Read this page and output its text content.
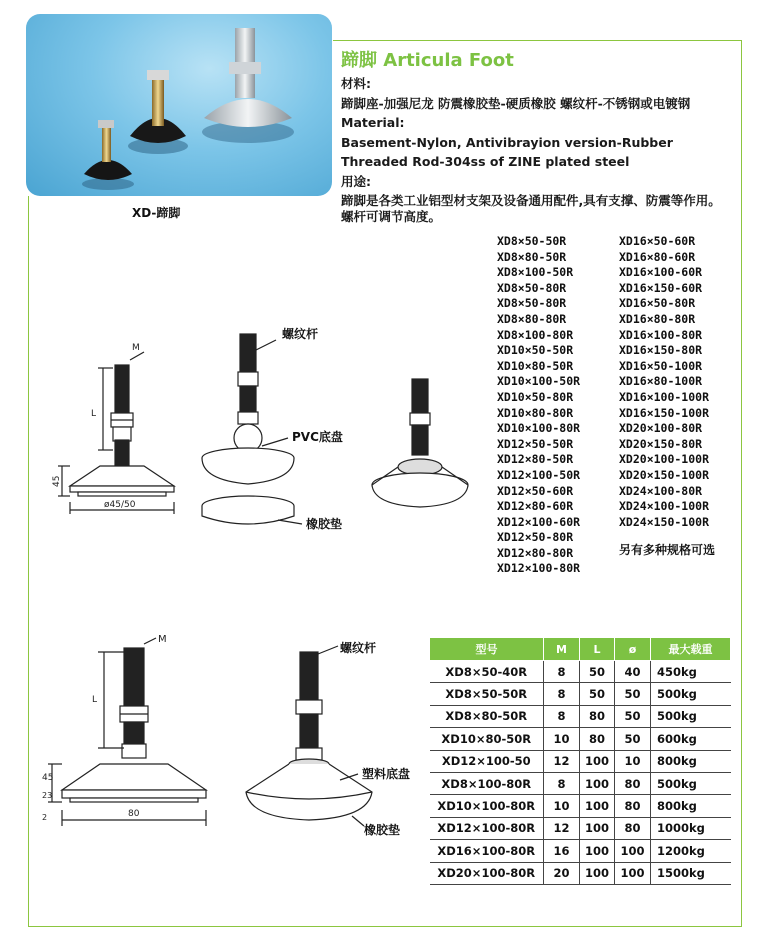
XD-蹄脚
蹄脚 Articula Foot
材料:
蹄脚座-加强尼龙 防震橡胶垫-硬质橡胶 螺纹杆-不锈钢或电镀钢
Material:
Basement-Nylon, Antivibrayion version-Rubber
Threaded Rod-304ss of ZINE plated steel
用途:
蹄脚是各类工业铝型材支架及设备通用配件,具有支撑、防震等作用。
螺杆可调节高度。
XD8×50-50R
XD8×80-50R
XD8×100-50R
XD8×50-80R
XD8×50-80R
XD8×80-80R
XD8×100-80R
XD10×50-50R
XD10×80-50R
XD10×100-50R
XD10×50-80R
XD10×80-80R
XD10×100-80R
XD12×50-50R
XD12×80-50R
XD12×100-50R
XD12×50-60R
XD12×80-60R
XD12×100-60R
XD12×50-80R
XD12×80-80R
XD12×100-80R
XD16×50-60R
XD16×80-60R
XD16×100-60R
XD16×150-60R
XD16×50-80R
XD16×80-80R
XD16×100-80R
XD16×150-80R
XD16×50-100R
XD16×80-100R
XD16×100-100R
XD16×150-100R
XD20×100-80R
XD20×150-80R
XD20×100-100R
XD20×150-100R
XD24×100-80R
XD24×100-100R
XD24×150-100R
另有多种规格可选
M
L
45
ø45/50
螺纹杆
PVC底盘
橡胶垫
M
L
45
23
2	80
螺纹杆
塑料底盘
橡胶垫
型号	M	L	ø	最大载重
XD8×50-40R	8	50	40	450kg
XD8×50-50R	8	50	50	500kg
XD8×80-50R	8	80	50	500kg
XD10×80-50R	10	80	50	600kg
XD12×100-50	12	100	10	800kg
XD8×100-80R	8	100	80	500kg
XD10×100-80R	10	100	80	800kg
XD12×100-80R	12	100	80	1000kg
XD16×100-80R	16	100	100	1200kg
XD20×100-80R	20	100	100	1500kg
